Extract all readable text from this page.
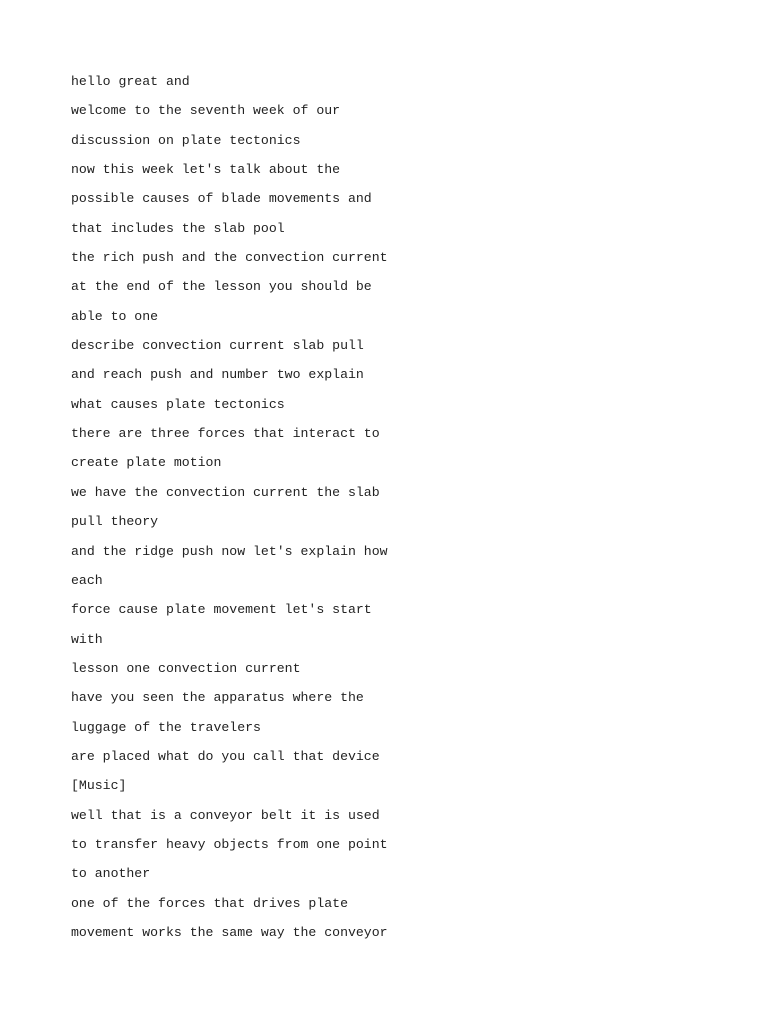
hello great and
welcome to the seventh week of our
discussion on plate tectonics
now this week let's talk about the
possible causes of blade movements and
that includes the slab pool
the rich push and the convection current
at the end of the lesson you should be
able to one
describe convection current slab pull
and reach push and number two explain
what causes plate tectonics
there are three forces that interact to
create plate motion
we have the convection current the slab
pull theory
and the ridge push now let's explain how
each
force cause plate movement let's start
with
lesson one convection current
have you seen the apparatus where the
luggage of the travelers
are placed what do you call that device
[Music]
well that is a conveyor belt it is used
to transfer heavy objects from one point
to another
one of the forces that drives plate
movement works the same way the conveyor
